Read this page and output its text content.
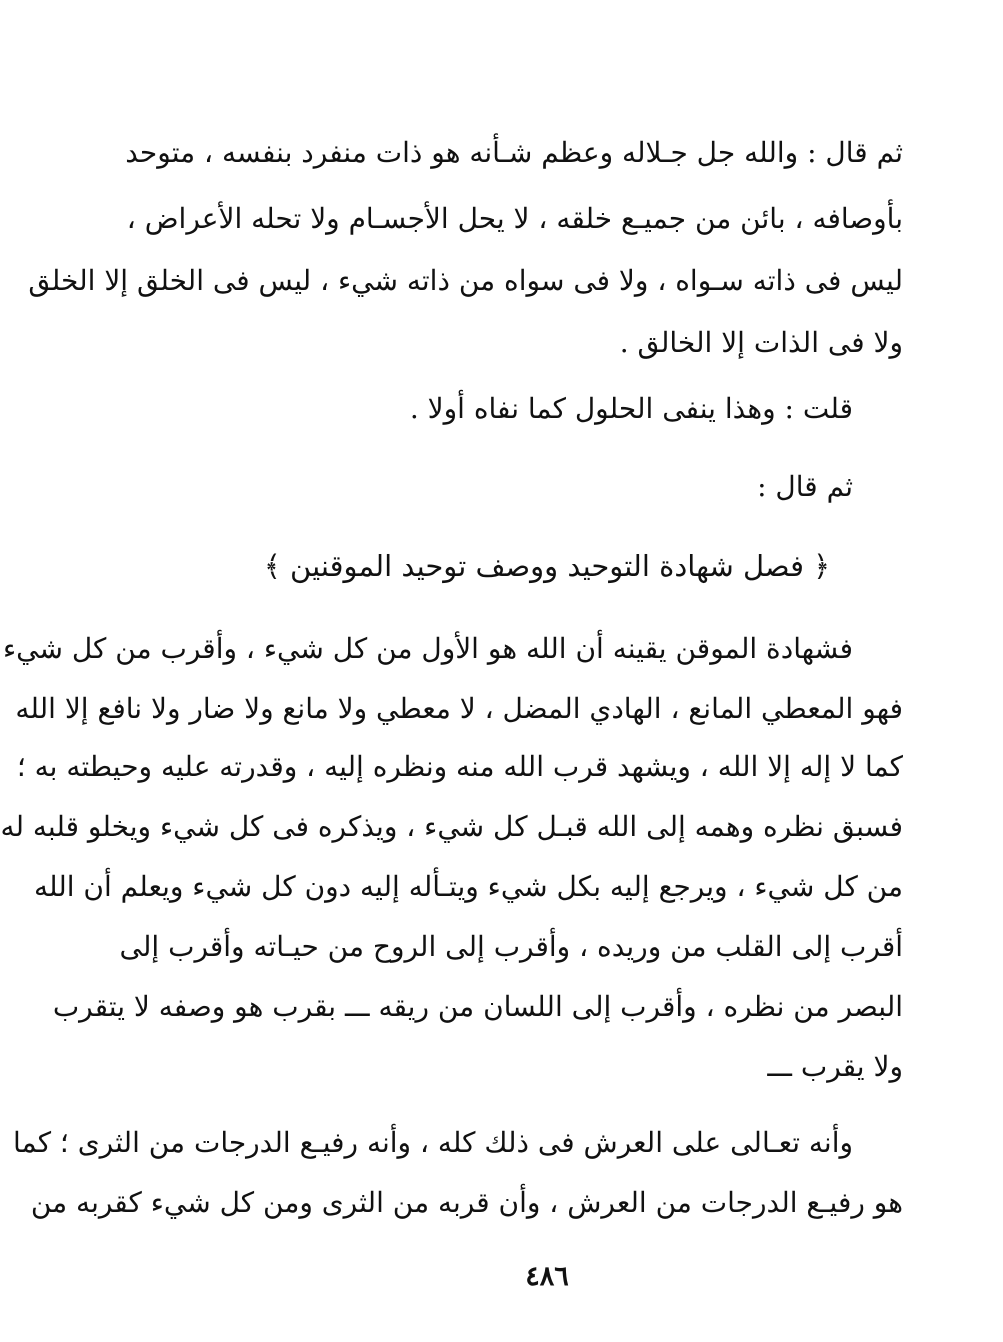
ثم قال : والله جل جـلاله وعظم شـأنه هو ذات منفرد بنفسه ، متوحد
بأوصافه ، بائن من جميـع خلقه ، لا يحل الأجسـام ولا تحله الأعراض ،
ليس فى ذاته سـواه ، ولا فى سواه من ذاته شيء ، ليس فى الخلق إلا الخلق
ولا فى الذات إلا الخالق .
قلت : وهذا ينفى الحلول كما نفاه أولا .
ثم قال :
﴿ فصل شهادة التوحيد ووصف توحيد الموقنين ﴾
فشهادة الموقن يقينه أن الله هو الأول من كل شيء ، وأقرب من كل شيء
فهو المعطي المانع ، الهادي المضل ، لا معطي ولا مانع ولا ضار ولا نافع إلا الله
كما لا إله إلا الله ، ويشهد قرب الله منه ونظره إليه ، وقدرته عليه وحيطته به ؛
فسبق نظره وهمه إلى الله قبـل كل شيء ، ويذكره فى كل شيء ويخلو قلبه له
من كل شيء ، ويرجع إليه بكل شيء ويتـأله إليه دون كل شيء ويعلم أن الله
أقرب إلى القلب من وريده ، وأقرب إلى الروح من حيـاته وأقرب إلى
البصر من نظره ، وأقرب إلى اللسان من ريقه ـــ بقرب هو وصفه لا يتقرب
ولا يقرب ـــ
وأنه تعـالى على العرش فى ذلك كله ، وأنه رفيـع الدرجات من الثرى ؛ كما
هو رفيـع الدرجات من العرش ، وأن قربه من الثرى ومن كل شيء كقربه من
٤٨٦
